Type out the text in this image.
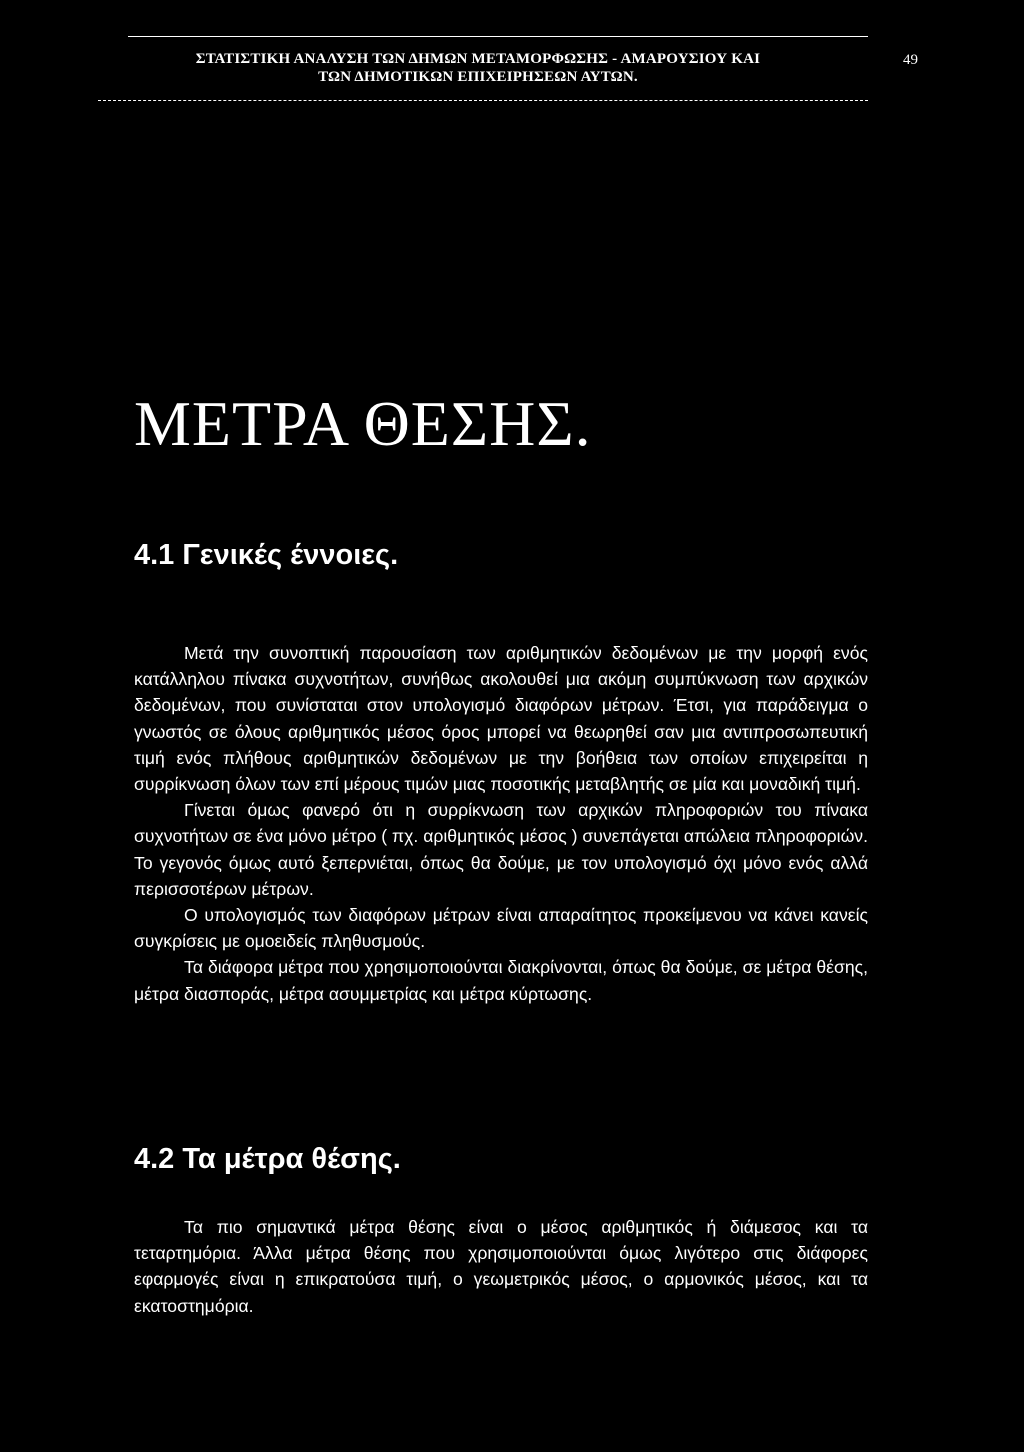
ΣΤΑΤΙΣΤΙΚΗ ΑΝΑΛΥΣΗ ΤΩΝ ΔΗΜΩΝ ΜΕΤΑΜΟΡΦΩΣΗΣ - ΑΜΑΡΟΥΣΙΟΥ ΚΑΙ
ΤΩΝ ΔΗΜΟΤΙΚΩΝ ΕΠΙΧΕΙΡΗΣΕΩΝ ΑΥΤΩΝ.
49
ΜΕΤΡΑ ΘΕΣΗΣ.
4.1 Γενικές έννοιες.

Μετά την συνοπτική παρουσίαση των αριθμητικών δεδομένων με την μορφή ενός κατάλληλου πίνακα συχνοτήτων, συνήθως ακολουθεί μια ακόμη συμπύκνωση των αρχικών δεδομένων, που συνίσταται στον υπολογισμό διαφόρων μέτρων. Έτσι, για παράδειγμα ο γνωστός σε όλους αριθμητικός μέσος όρος μπορεί να θεωρηθεί σαν μια αντιπροσωπευτική τιμή ενός πλήθους αριθμητικών δεδομένων με την βοήθεια των οποίων επιχειρείται η συρρίκνωση όλων των επί μέρους τιμών μιας ποσοτικής μεταβλητής σε μία και μοναδική τιμή.

Γίνεται όμως φανερό ότι η συρρίκνωση των αρχικών πληροφοριών του πίνακα συχνοτήτων σε ένα μόνο μέτρο ( πχ. αριθμητικός μέσος ) συνεπάγεται απώλεια πληροφοριών. Το γεγονός όμως αυτό ξεπερνιέται, όπως θα δούμε, με τον υπολογισμό όχι μόνο ενός αλλά περισσοτέρων μέτρων.

Ο υπολογισμός των διαφόρων μέτρων είναι απαραίτητος προκείμενου να κάνει κανείς συγκρίσεις με ομοειδείς πληθυσμούς.

Τα διάφορα μέτρα που χρησιμοποιούνται διακρίνονται, όπως θα δούμε, σε μέτρα θέσης, μέτρα διασποράς, μέτρα ασυμμετρίας και μέτρα κύρτωσης.

4.2 Τα μέτρα θέσης.

Τα πιο σημαντικά μέτρα θέσης είναι ο μέσος αριθμητικός ή διάμεσος και τα τεταρτημόρια. Άλλα μέτρα θέσης που χρησιμοποιούνται όμως λιγότερο στις διάφορες εφαρμογές είναι η επικρατούσα τιμή, ο γεωμετρικός μέσος, ο αρμονικός μέσος, και τα εκατοστημόρια.
